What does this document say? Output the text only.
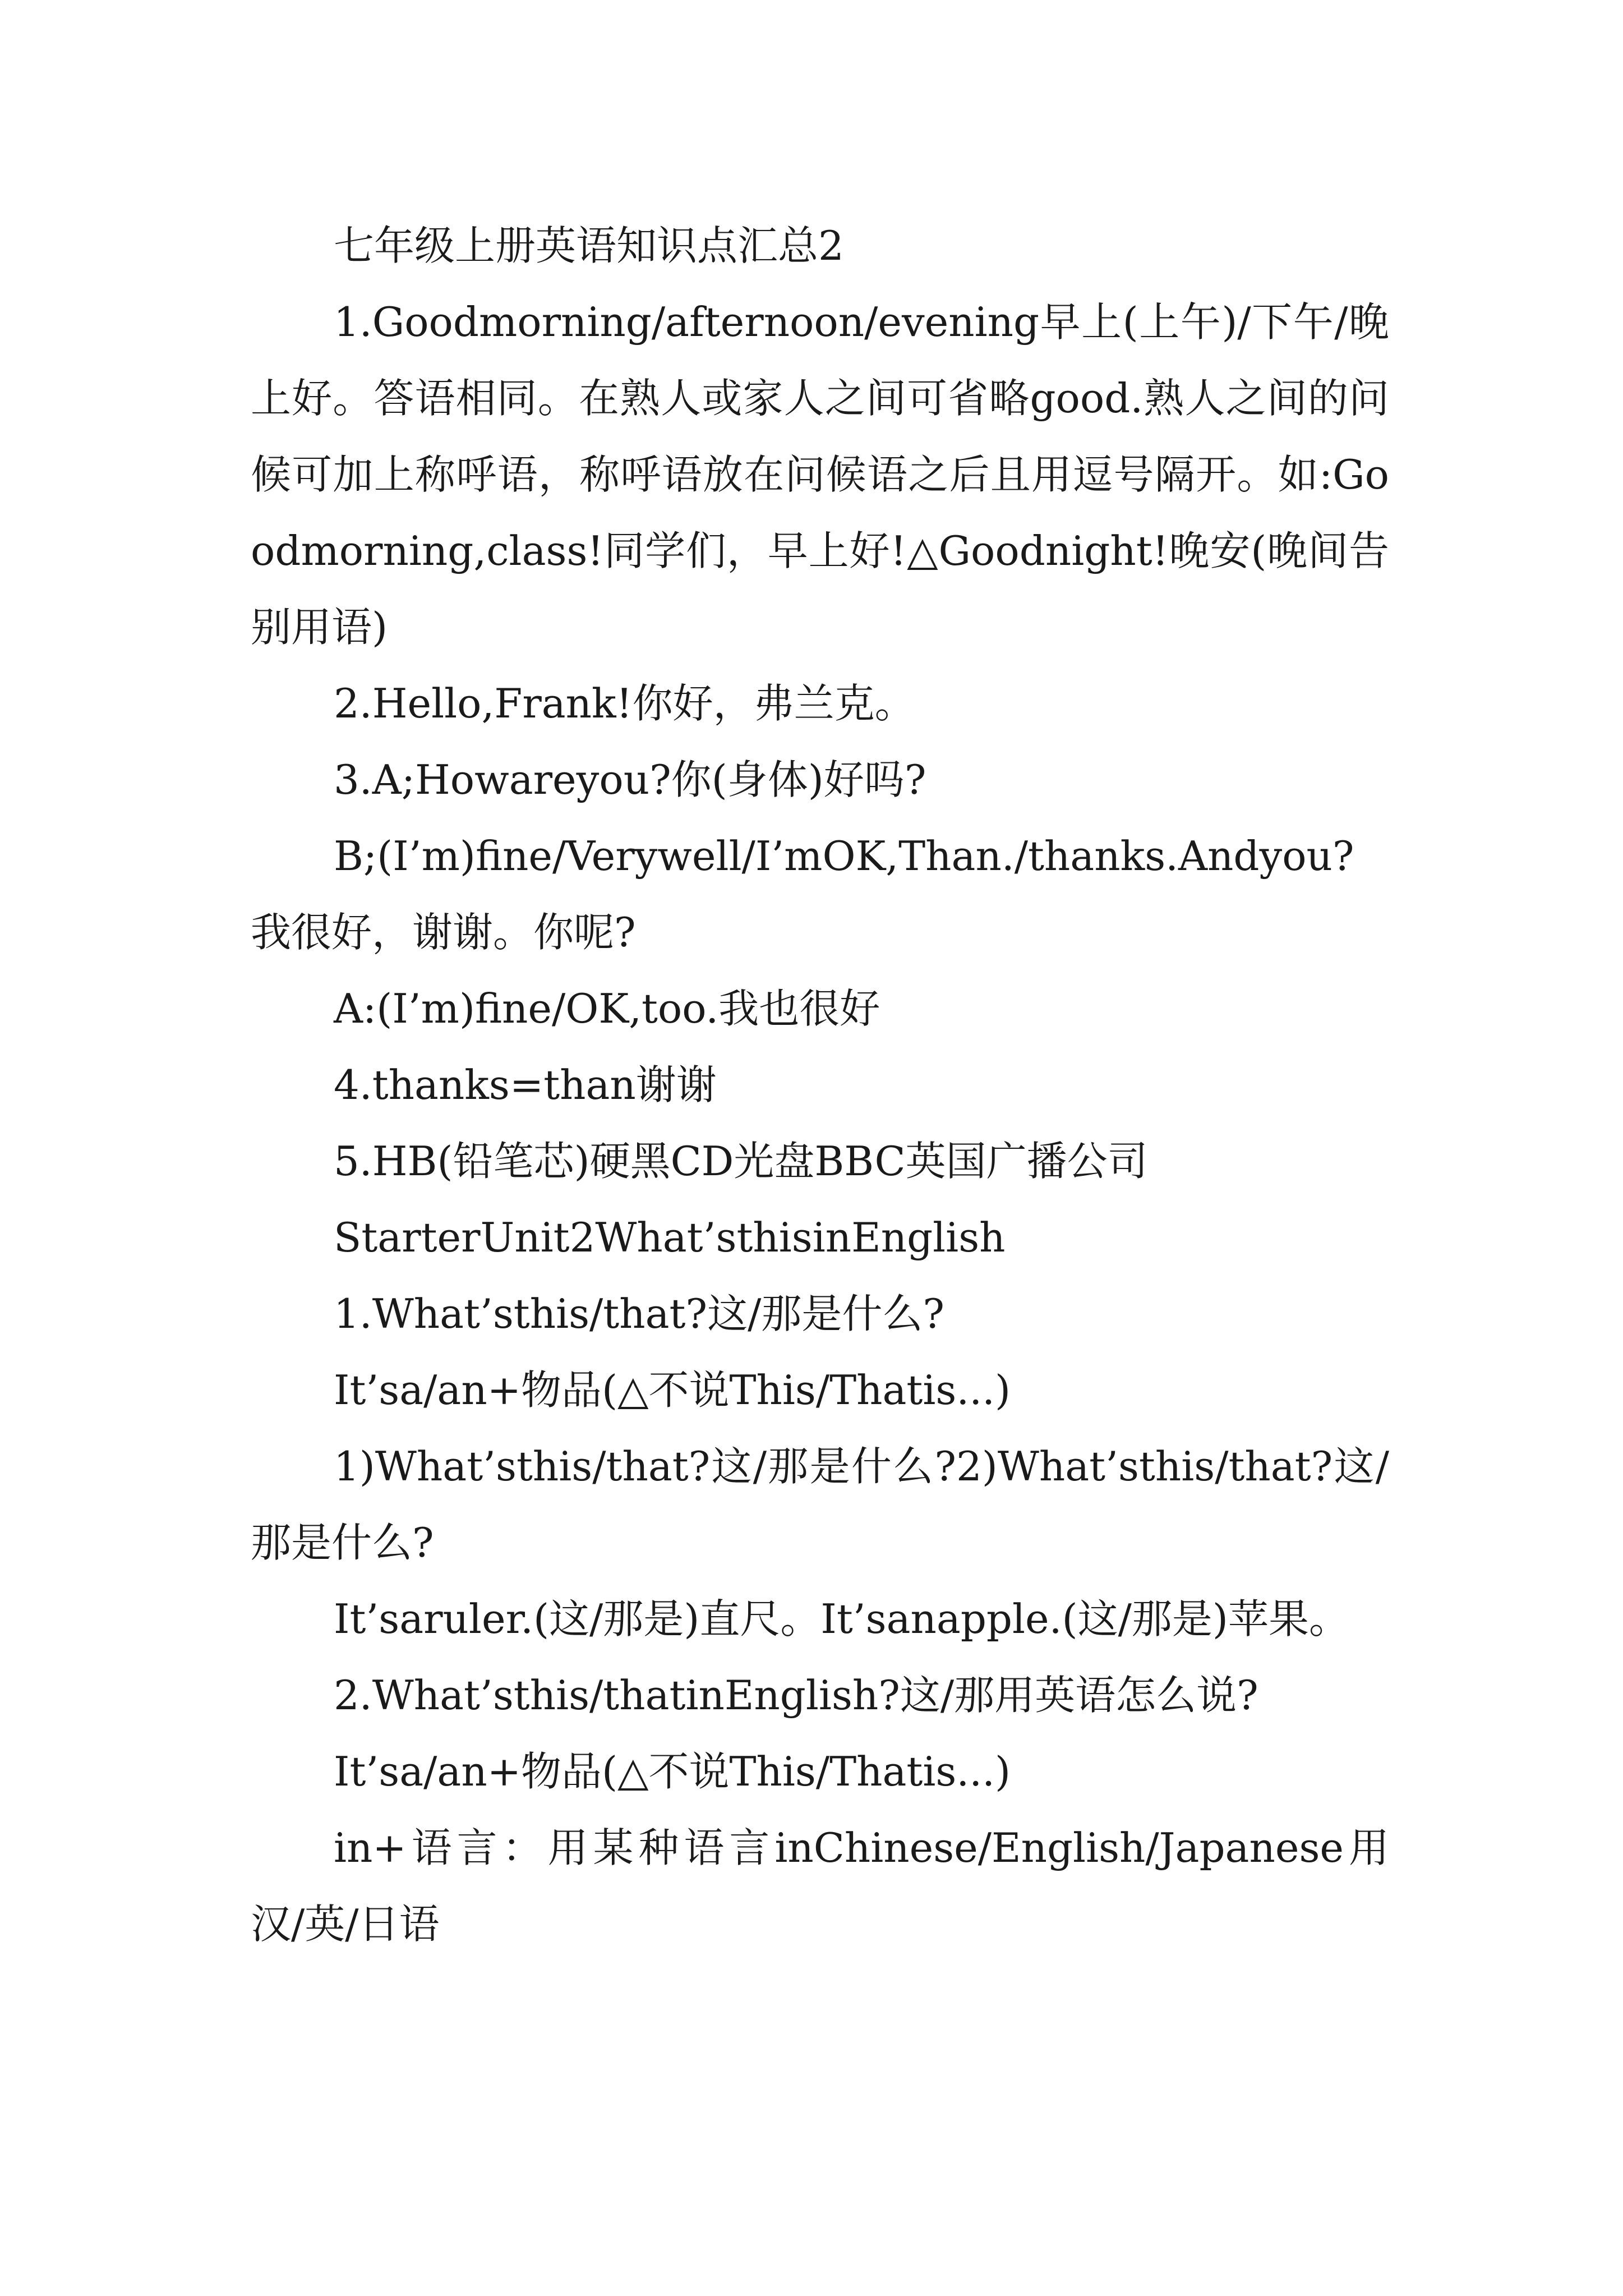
七年级上册英语知识点汇总2

1.Goodmorning/afternoon/evening早上(上午)/下午/晚上好。答语相同。在熟人或家人之间可省略good.熟人之间的问候可加上称呼语，称呼语放在问候语之后且用逗号隔开。如:Goodmorning,class!同学们，早上好!△Goodnight!晚安(晚间告别用语)

2.Hello,Frank!你好，弗兰克。

3.A;Howareyou?你(身体)好吗?

B;(I’m)fine/Verywell/I’mOK,Than./thanks.Andyou?我很好，谢谢。你呢?

A:(I’m)fine/OK,too.我也很好

4.thanks=than谢谢

5.HB(铅笔芯)硬黑CD光盘BBC英国广播公司

StarterUnit2What’sthisinEnglish

1.What’sthis/that?这/那是什么?

It’sa/an+物品(△不说This/Thatis...)

1)What’sthis/that?这/那是什么?2)What’sthis/that?这/那是什么?

It’saruler.(这/那是)直尺。It’sanapple.(这/那是)苹果。

2.What’sthis/thatinEnglish?这/那用英语怎么说?

It’sa/an+物品(△不说This/Thatis...)

in+语言：用某种语言inChinese/English/Japanese用汉/英/日语
